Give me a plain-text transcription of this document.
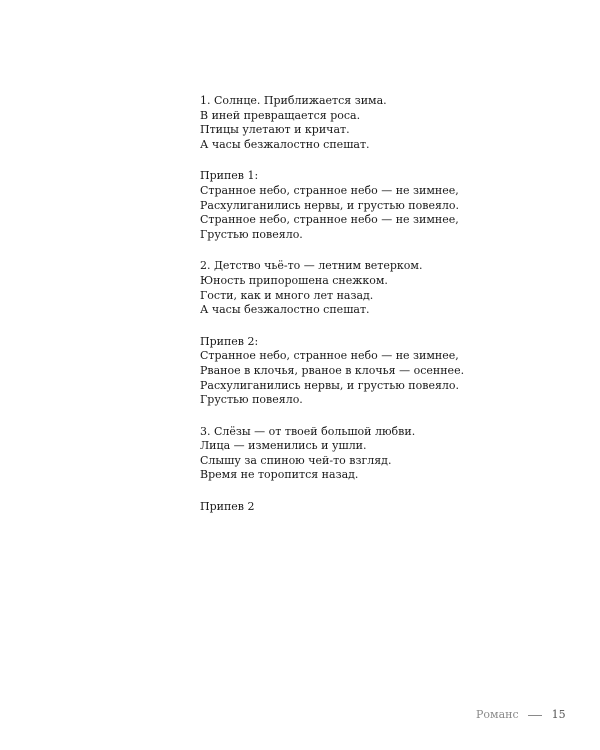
1. Солнце. Приближается зима.
В иней превращается роса.
Птицы улетают и кричат.
А часы безжалостно спешат.
Припев 1:
Странное небо, странное небо — не зимнее,
Расхулиганились нервы, и грустью повеяло.
Странное небо, странное небо — не зимнее,
Грустью повеяло.
2. Детство чьё-то — летним ветерком.
Юность припорошена снежком.
Гости, как и много лет назад.
А часы безжалостно спешат.
Припев 2:
Странное небо, странное небо — не зимнее,
Рваное в клочья, рваное в клочья — осеннее.
Расхулиганились нервы, и грустью повеяло.
Грустью повеяло.
3. Слёзы — от твоей большой любви.
Лица — изменились и ушли.
Слышу за спиною чей-то взгляд.
Время не торопится назад.
Припев 2
Романс	15
